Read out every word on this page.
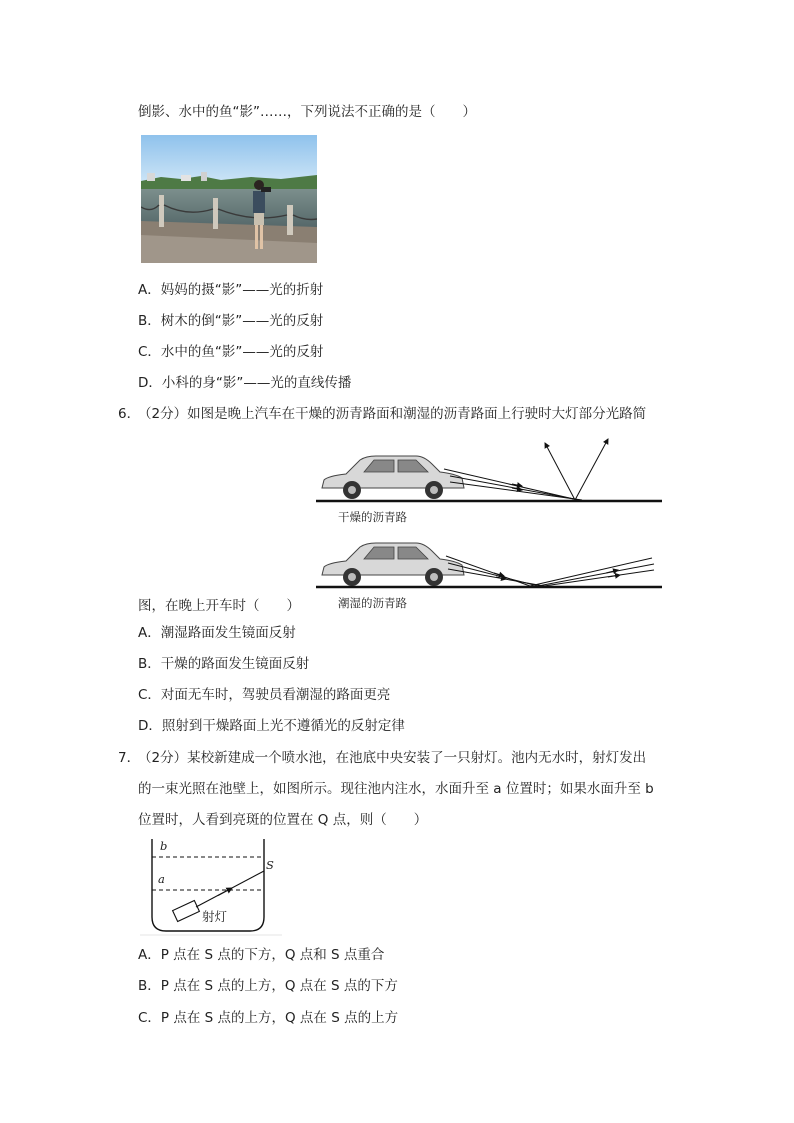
倒影、水中的鱼“影”……，下列说法不正确的是（　　）
A．妈妈的摄“影”——光的折射
B．树木的倒“影”——光的反射
C．水中的鱼“影”——光的反射
D．小科的身“影”——光的直线传播
6．
（2分）如图是晚上汽车在干燥的沥青路面和潮湿的沥青路面上行驶时大灯部分光路简
干燥的沥青路
潮湿的沥青路
图，在晚上开车时（　　）
A．潮湿路面发生镜面反射
B．干燥的路面发生镜面反射
C．对面无车时，驾驶员看潮湿的路面更亮
D．照射到干燥路面上光不遵循光的反射定律
7．
（2分）某校新建成一个喷水池，在池底中央安装了一只射灯。池内无水时，射灯发出
的一束光照在池壁上，如图所示。现往池内注水，水面升至 a 位置时；如果水面升至 b
位置时，人看到亮斑的位置在 Q 点，则（　　）
b
a
S
射灯
A．P 点在 S 点的下方，Q 点和 S 点重合
B．P 点在 S 点的上方，Q 点在 S 点的下方
C．P 点在 S 点的上方，Q 点在 S 点的上方
